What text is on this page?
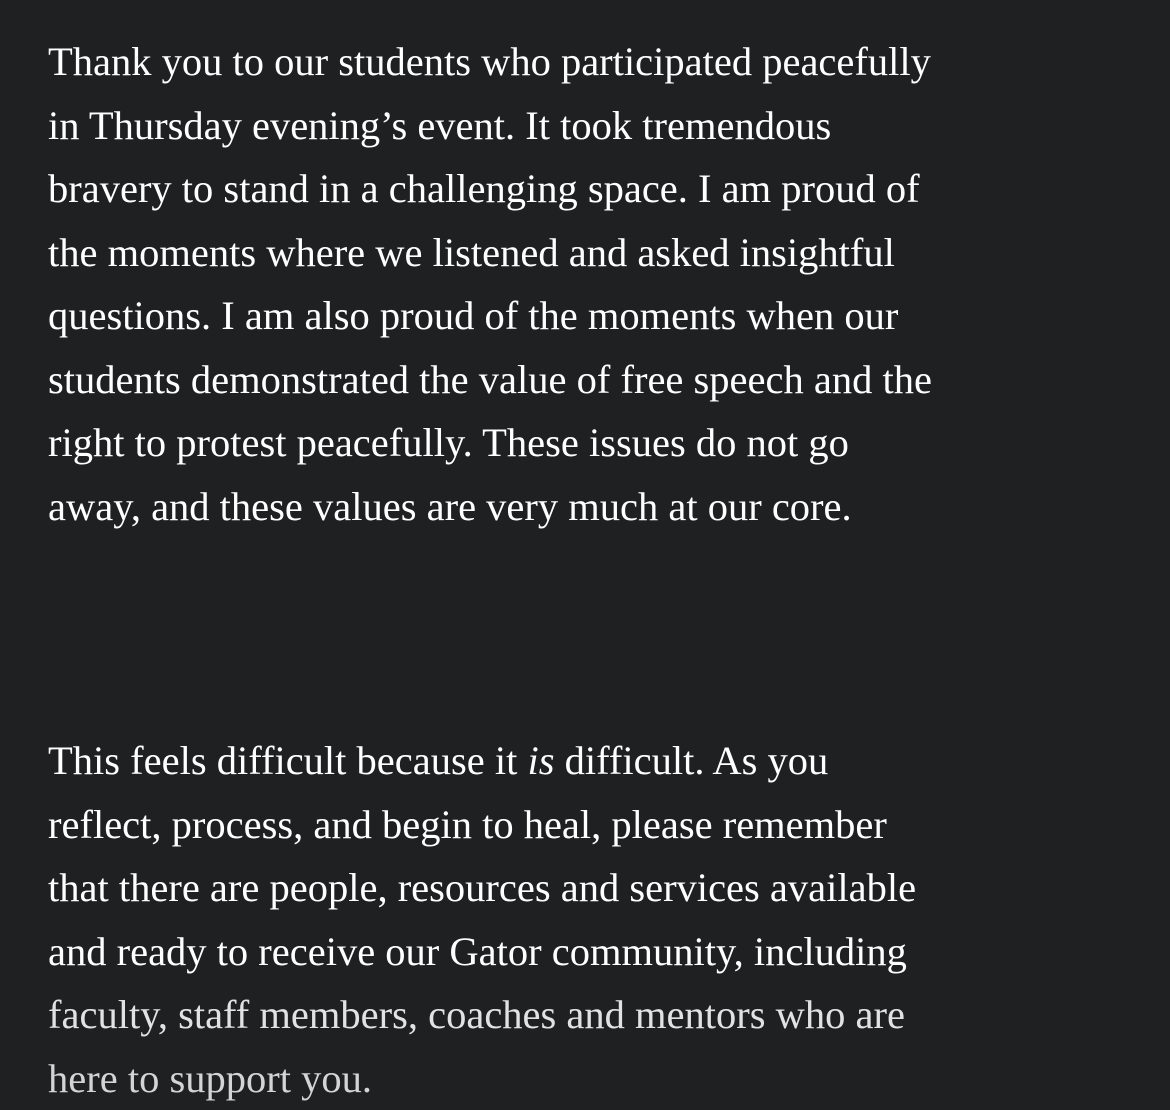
Thank you to our students who participated peacefully
in Thursday evening’s event. It took tremendous
bravery to stand in a challenging space. I am proud of
the moments where we listened and asked insightful
questions. I am also proud of the moments when our
students demonstrated the value of free speech and the
right to protest peacefully. These issues do not go
away, and these values are very much at our core.

This feels difficult because it is difficult. As you
reflect, process, and begin to heal, please remember
that there are people, resources and services available
and ready to receive our Gator community, including
faculty, staff members, coaches and mentors who are
here to support you.
